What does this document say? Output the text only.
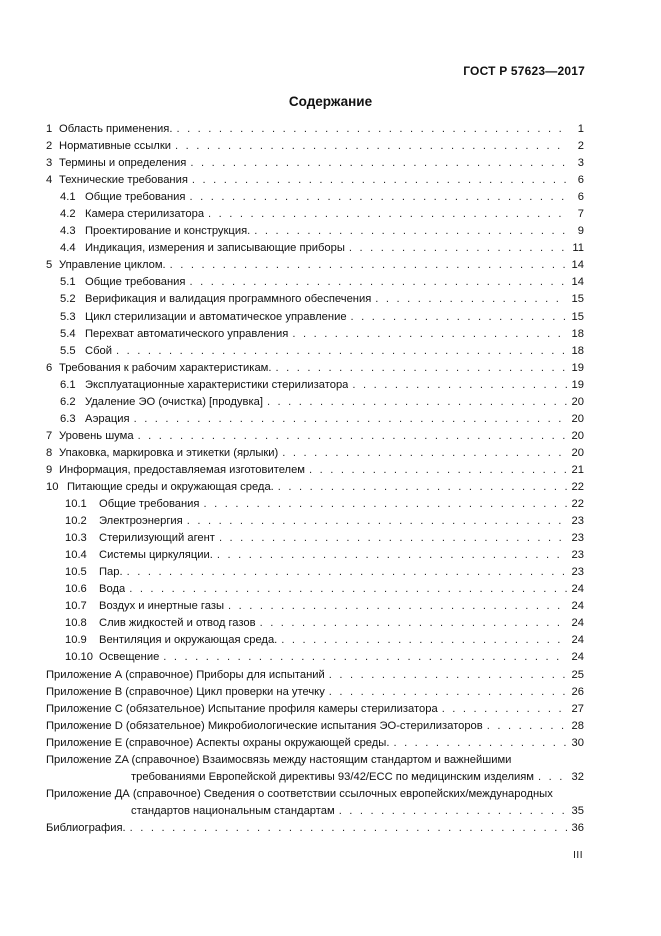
ГОСТ Р 57623—2017
Содержание
1 Область применения. . . .	1
2 Нормативные ссылки . . .	2
3 Термины и определения . . .	3
4 Технические требования . . .	6
4.1 Общие требования . . .	6
4.2 Камера стерилизатора . . .	7
4.3 Проектирование и конструкция. . . .	9
4.4 Индикация, измерения и записывающие приборы . . .	11
5 Управление циклом. . . .	14
5.1 Общие требования . . .	14
5.2 Верификация и валидация программного обеспечения . . .	15
5.3 Цикл стерилизации и автоматическое управление . . .	15
5.4 Перехват автоматического управления . . .	18
5.5 Сбой . . .	18
6 Требования к рабочим характеристикам. . . .	19
6.1 Эксплуатационные характеристики стерилизатора . . .	19
6.2 Удаление ЭО (очистка) [продувка] . . .	20
6.3 Аэрация . . .	20
7 Уровень шума . . .	20
8 Упаковка, маркировка и этикетки (ярлыки) . . .	20
9 Информация, предоставляемая изготовителем . . .	21
10 Питающие среды и окружающая среда. . . .	22
10.1	Общие требования . . .	22
10.2	Электроэнергия . . .	23
10.3	Стерилизующий агент . . .	23
10.4	Системы циркуляции. . . .	23
10.5	Пар. . . .	23
10.6	Вода . . .	24
10.7	Воздух и инертные газы . . .	24
10.8	Слив жидкостей и отвод газов . . .	24
10.9	Вентиляция и окружающая среда. . . .	24
10.10 Освещение . . .	24
Приложение А (справочное) Приборы для испытаний . . .	25
Приложение В (справочное) Цикл проверки на утечку . . .	26
Приложение С (обязательное) Испытание профиля камеры стерилизатора . . .	27
Приложение D (обязательное) Микробиологические испытания ЭО-стерилизаторов . . .	28
Приложение Е (справочное) Аспекты охраны окружающей среды. . . .	30
Приложение ZA (справочное) Взаимосвязь между настоящим стандартом и важнейшими
требованиями Европейской директивы 93/42/ЕСС по медицинским изделиям . . .	32
Приложение ДА (справочное) Сведения о соответствии ссылочных европейских/международных
стандартов национальным стандартам . . .	35
Библиография. . . .	36
III
